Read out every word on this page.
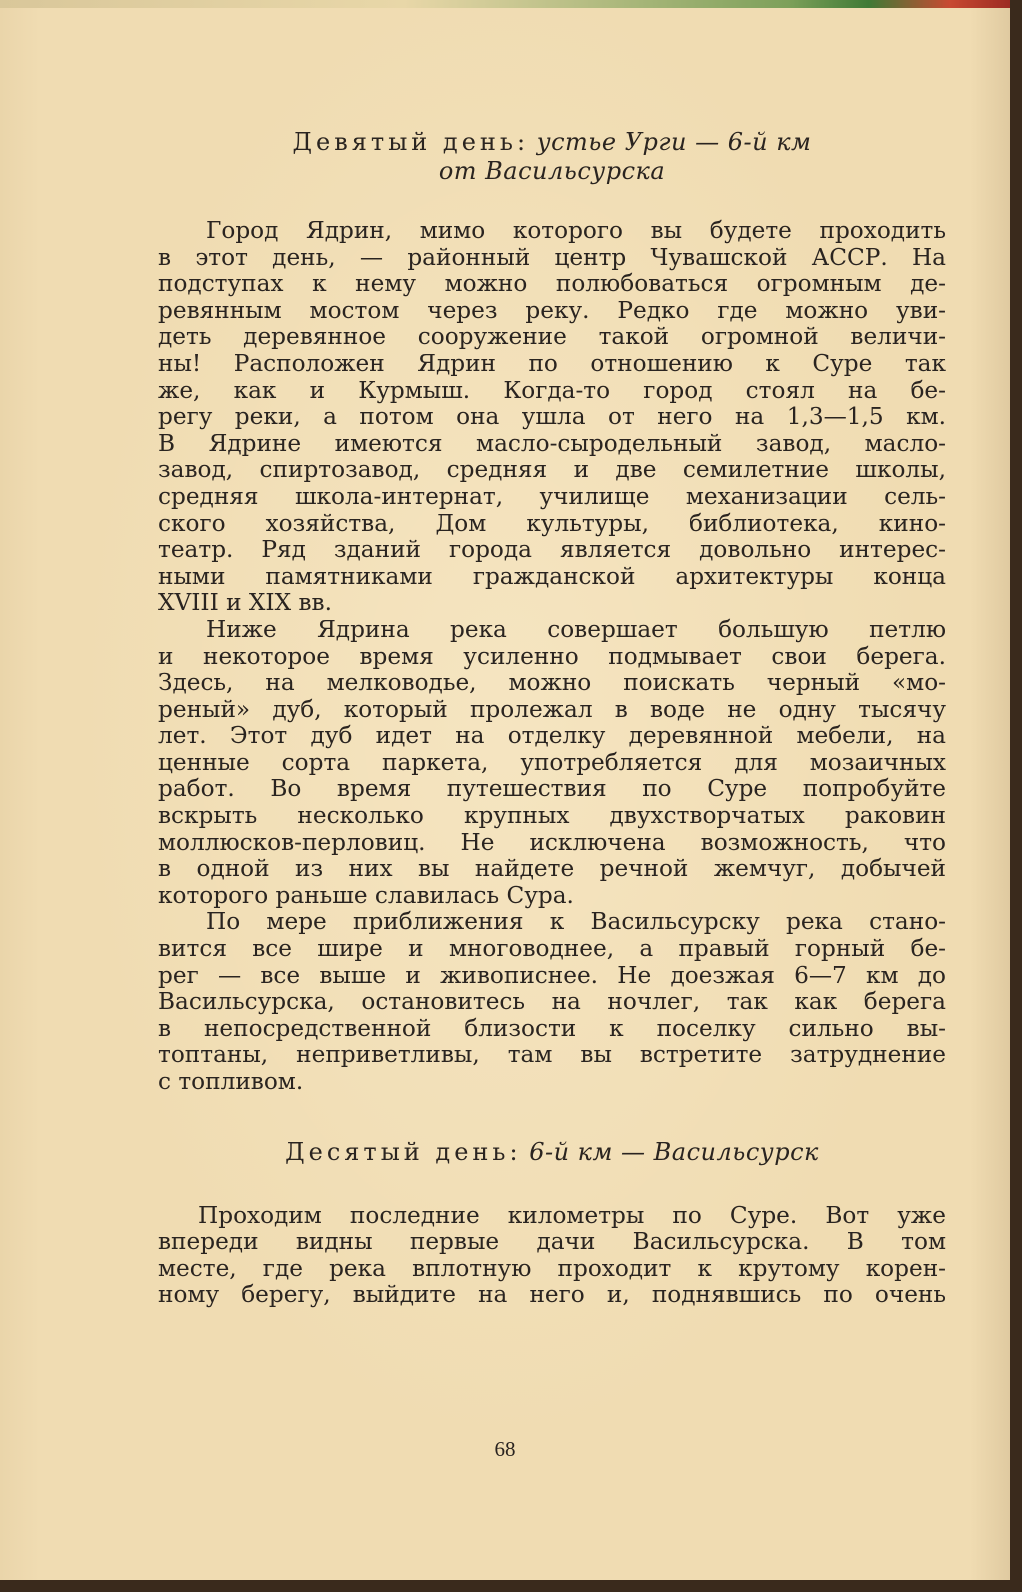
Девятый день: устье Урги — 6-й км
от Васильсурска
Город Ядрин, мимо которого вы будете проходить
в этот день, — районный центр Чувашской АССР. На
подступах к нему можно полюбоваться огромным де-
ревянным мостом через реку. Редко где можно уви-
деть деревянное сооружение такой огромной величи-
ны! Расположен Ядрин по отношению к Суре так
же, как и Курмыш. Когда-то город стоял на бе-
регу реки, а потом она ушла от него на 1,3—1,5 км.
В Ядрине имеются масло-сыродельный завод, масло-
завод, спиртозавод, средняя и две семилетние школы,
средняя школа-интернат, училище механизации сель-
ского хозяйства, Дом культуры, библиотека, кино-
театр. Ряд зданий города является довольно интерес-
ными памятниками гражданской архитектуры конца
XVIII и XIX вв.
Ниже Ядрина река совершает большую петлю
и некоторое время усиленно подмывает свои берега.
Здесь, на мелководье, можно поискать черный «мо-
реный» дуб, который пролежал в воде не одну тысячу
лет. Этот дуб идет на отделку деревянной мебели, на
ценные сорта паркета, употребляется для мозаичных
работ. Во время путешествия по Суре попробуйте
вскрыть несколько крупных двухстворчатых раковин
моллюсков-перловиц. Не исключена возможность, что
в одной из них вы найдете речной жемчуг, добычей
которого раньше славилась Сура.
По мере приближения к Васильсурску река стано-
вится все шире и многоводнее, а правый горный бе-
рег — все выше и живописнее. Не доезжая 6—7 км до
Васильсурска, остановитесь на ночлег, так как берега
в непосредственной близости к поселку сильно вы-
топтаны, неприветливы, там вы встретите затруднение
с топливом.
Десятый день: 6-й км — Васильсурск
Проходим последние километры по Суре. Вот уже
впереди видны первые дачи Васильсурска. В том
месте, где река вплотную проходит к крутому корен-
ному берегу, выйдите на него и, поднявшись по очень
68
